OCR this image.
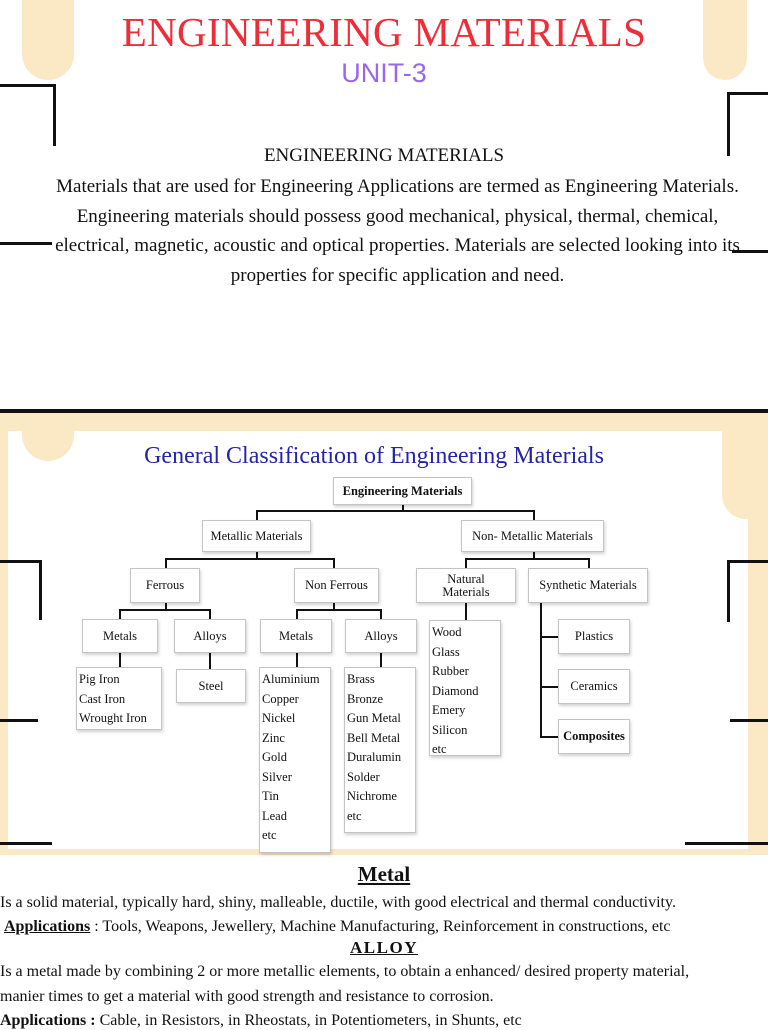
ENGINEERING MATERIALS
UNIT-3
ENGINEERING MATERIALS
Materials that are used for Engineering Applications are termed as Engineering Materials. Engineering materials should possess good mechanical, physical, thermal, chemical, electrical, magnetic, acoustic and optical properties. Materials are selected looking into its properties for specific application and need.
General Classification of Engineering Materials
Engineering Materials
Metallic Materials	Non- Metallic Materials
Ferrous	Non Ferrous	Natural Materials	Synthetic Materials
Metals	Alloys	Metals	Alloys
Steel
Pig Iron
Cast Iron
Wrought Iron
Aluminium
Copper
Nickel
Zinc
Gold
Silver
Tin
Lead
etc
Brass
Bronze
Gun Metal
Bell Metal
Duralumin
Solder
Nichrome
etc
Wood
Glass
Rubber
Diamond
Emery
Silicon
etc
Plastics
Ceramics
Composites
Metal
Is a solid material, typically hard, shiny, malleable, ductile, with good electrical and thermal conductivity.
Applications : Tools, Weapons, Jewellery, Machine Manufacturing, Reinforcement in constructions, etc
ALLOY
Is a metal made by combining 2 or more metallic elements, to obtain a enhanced/ desired property material,
manier times to get a material with good strength and resistance to corrosion.
Applications : Cable, in Resistors, in Rheostats, in Potentiometers, in Shunts, etc
